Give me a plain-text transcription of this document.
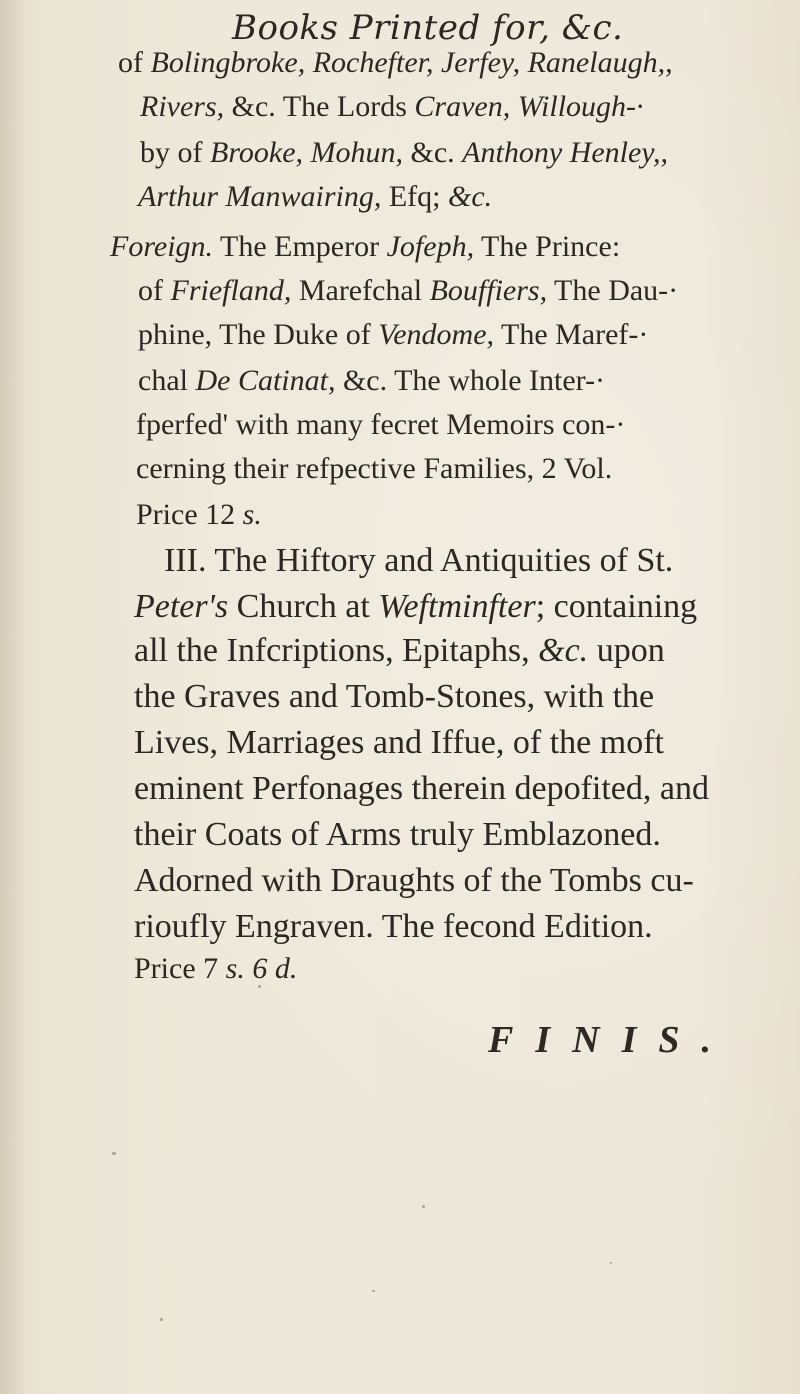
Books Printed for, &c.
of Bolingbroke, Rochefter, Jerfey, Ranelaugh,,
Rivers, &c. The Lords Craven, Willough-·
by of Brooke, Mohun, &c. Anthony Henley,,
Arthur Manwairing, Efq; &c.
Foreign. The Emperor Jofeph, The Prince:
of Friefland, Marefchal Bouffiers, The Dau-·
phine, The Duke of Vendome, The Maref-·
chal De Catinat, &c. The whole Inter-·
fperfed' with many fecret Memoirs con-·
cerning their refpective Families, 2 Vol.
Price 12 s.
III. The Hiftory and Antiquities of St.
Peter's Church at Weftminfter; containing
all the Infcriptions, Epitaphs, &c. upon
the Graves and Tomb-Stones, with the
Lives, Marriages and Iffue, of the moft
eminent Perfonages therein depofited, and
their Coats of Arms truly Emblazoned.
Adorned with Draughts of the Tombs cu-
rioufly Engraven. The fecond Edition.
Price 7 s. 6 d.
FINIS.
